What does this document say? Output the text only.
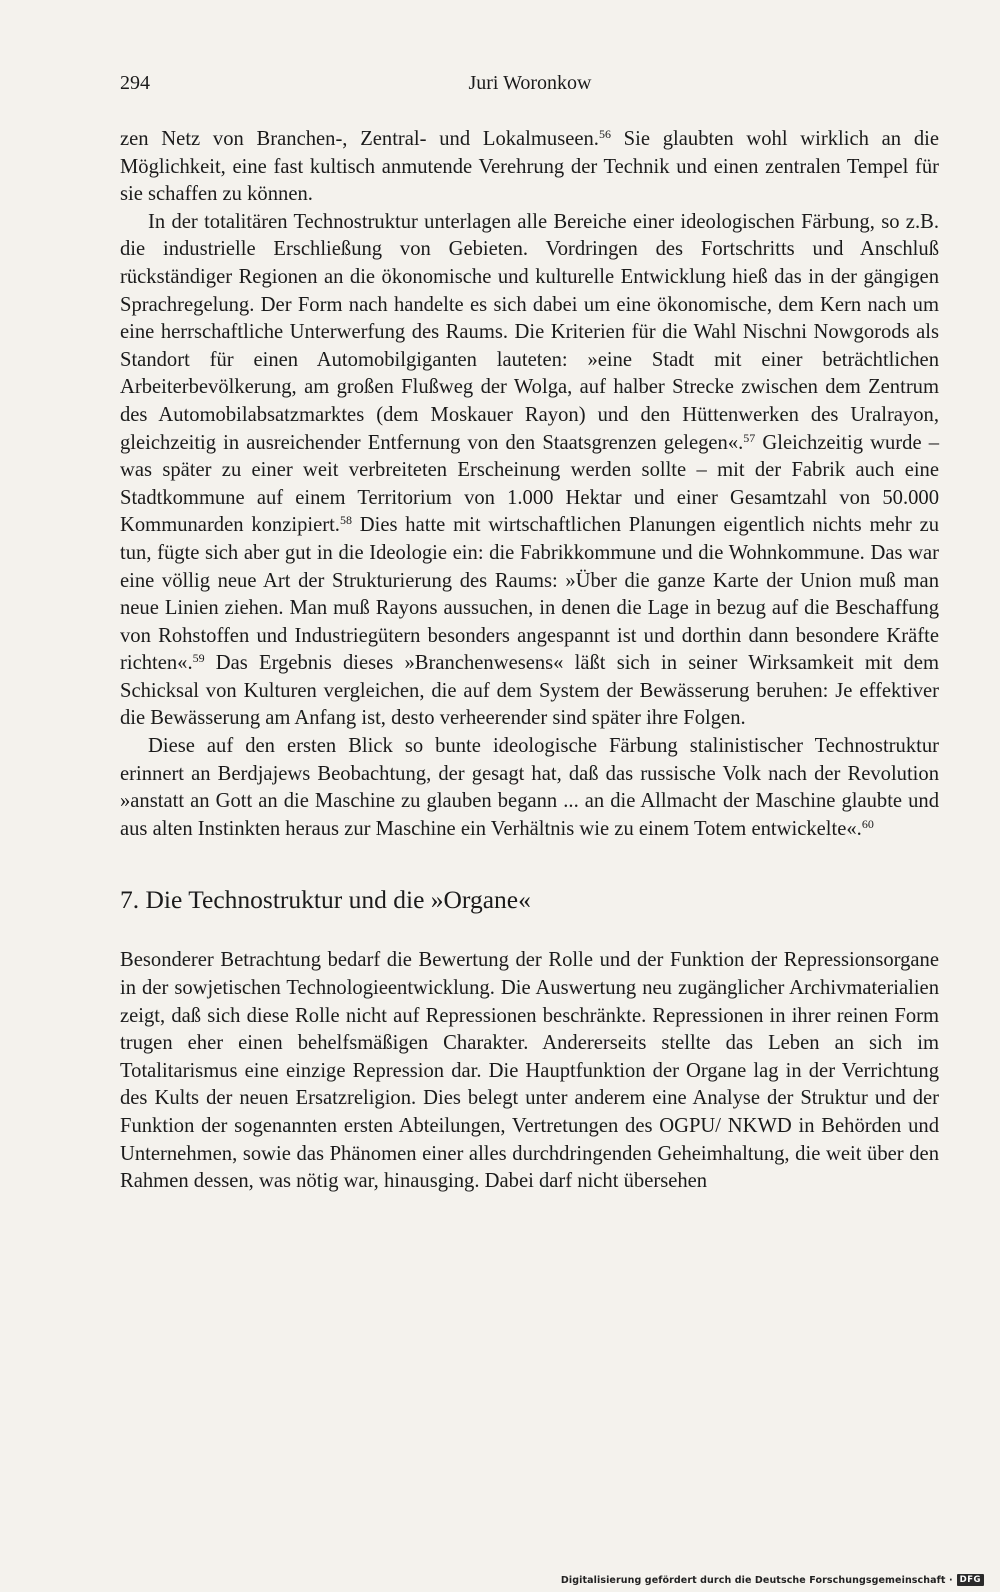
294	Juri Woronkow

zen Netz von Branchen-, Zentral- und Lokalmuseen.$^{56}$ Sie glaubten wohl wirklich an die Möglichkeit, eine fast kultisch anmutende Verehrung der Technik und einen zentralen Tempel für sie schaffen zu können.

In der totalitären Technostruktur unterlagen alle Bereiche einer ideologischen Färbung, so z.B. die industrielle Erschließung von Gebieten. Vordringen des Fortschritts und Anschluß rückständiger Regionen an die ökonomische und kulturelle Entwicklung hieß das in der gängigen Sprachregelung. Der Form nach handelte es sich dabei um eine ökonomische, dem Kern nach um eine herrschaftliche Unterwerfung des Raums. Die Kriterien für die Wahl Nischni Nowgorods als Standort für einen Automobilgiganten lauteten: »eine Stadt mit einer beträchtlichen Arbeiterbevölkerung, am großen Flußweg der Wolga, auf halber Strecke zwischen dem Zentrum des Automobilabsatzmarktes (dem Moskauer Rayon) und den Hüttenwerken des Uralrayon, gleichzeitig in ausreichender Entfernung von den Staatsgrenzen gelegen«.$^{57}$ Gleichzeitig wurde – was später zu einer weit verbreiteten Erscheinung werden sollte – mit der Fabrik auch eine Stadtkommune auf einem Territorium von 1.000 Hektar und einer Gesamtzahl von 50.000 Kommunarden konzipiert.$^{58}$ Dies hatte mit wirtschaftlichen Planungen eigentlich nichts mehr zu tun, fügte sich aber gut in die Ideologie ein: die Fabrikkommune und die Wohnkommune. Das war eine völlig neue Art der Strukturierung des Raums: »Über die ganze Karte der Union muß man neue Linien ziehen. Man muß Rayons aussuchen, in denen die Lage in bezug auf die Beschaffung von Rohstoffen und Industriegütern besonders angespannt ist und dorthin dann besondere Kräfte richten«.$^{59}$ Das Ergebnis dieses »Branchenwesens« läßt sich in seiner Wirksamkeit mit dem Schicksal von Kulturen vergleichen, die auf dem System der Bewässerung beruhen: Je effektiver die Bewässerung am Anfang ist, desto verheerender sind später ihre Folgen.

Diese auf den ersten Blick so bunte ideologische Färbung stalinistischer Technostruktur erinnert an Berdjajews Beobachtung, der gesagt hat, daß das russische Volk nach der Revolution »anstatt an Gott an die Maschine zu glauben begann ... an die Allmacht der Maschine glaubte und aus alten Instinkten heraus zur Maschine ein Verhältnis wie zu einem Totem entwickelte«.$^{60}$

7. Die Technostruktur und die »Organe«

Besonderer Betrachtung bedarf die Bewertung der Rolle und der Funktion der Repressionsorgane in der sowjetischen Technologieentwicklung. Die Auswertung neu zugänglicher Archivmaterialien zeigt, daß sich diese Rolle nicht auf Repressionen beschränkte. Repressionen in ihrer reinen Form trugen eher einen behelfsmäßigen Charakter. Andererseits stellte das Leben an sich im Totalitarismus eine einzige Repression dar. Die Hauptfunktion der Organe lag in der Verrichtung des Kults der neuen Ersatzreligion. Dies belegt unter anderem eine Analyse der Struktur und der Funktion der sogenannten ersten Abteilungen, Vertretungen des OGPU/ NKWD in Behörden und Unternehmen, sowie das Phänomen einer alles durchdringenden Geheimhaltung, die weit über den Rahmen dessen, was nötig war, hinausging. Dabei darf nicht übersehen

Digitalisierung gefördert durch die Deutsche Forschungsgemeinschaft · DFG
